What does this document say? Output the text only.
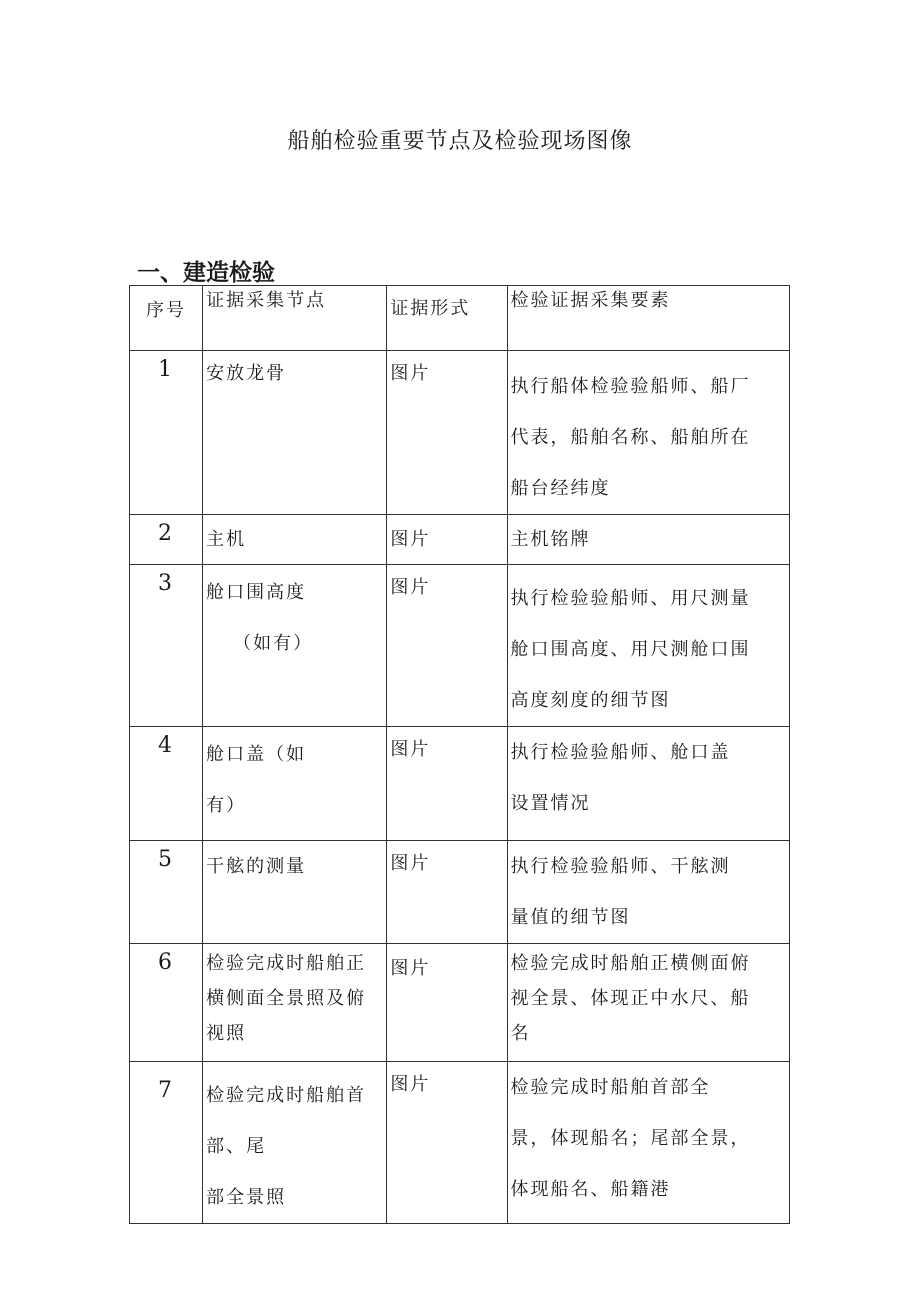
船舶检验重要节点及检验现场图像
一、建造检验
序号	证据采集节点	证据形式	检验证据采集要素

1	安放龙骨	图片	执行船体检验验船师、船厂
代表，船舶名称、船舶所在
船台经纬度

2	主机	图片	主机铭牌

3	舱口围高度
（如有）	图片	执行检验验船师、用尺测量
舱口围高度、用尺测舱口围
高度刻度的细节图

4	舱口盖（如
有）	图片	执行检验验船师、舱口盖
设置情况

5	干舷的测量	图片	执行检验验船师、干舷测
量值的细节图

6	检验完成时船舶正
横侧面全景照及俯
视照	图片	检验完成时船舶正横侧面俯
视全景、体现正中水尺、船
名

7	检验完成时船舶首
部、尾
部全景照	图片	检验完成时船舶首部全
景，体现船名；尾部全景，
体现船名、船籍港
